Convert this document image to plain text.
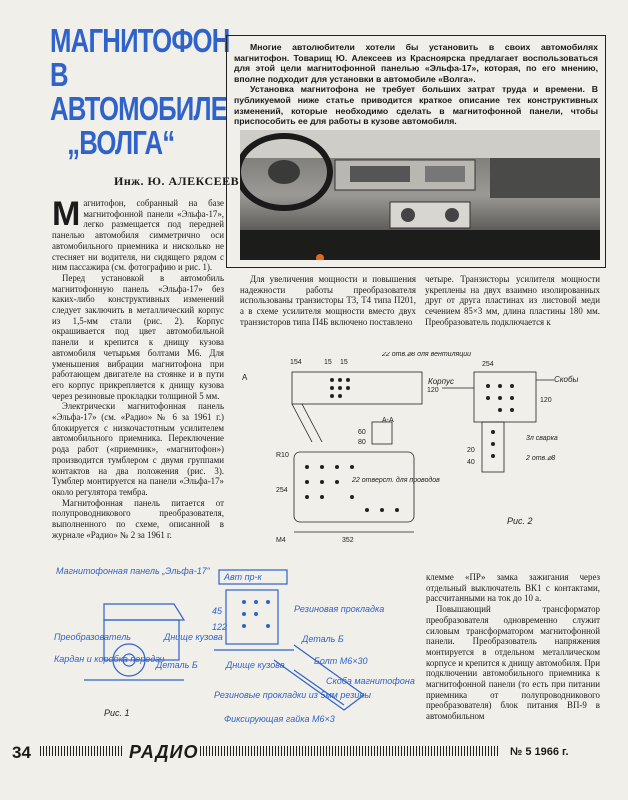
МАГНИТОФОН
В АВТОМОБИЛЕ
„ВОЛГА“
Инж. Ю. АЛЕКСЕЕВ
Многие автолюбители хотели бы установить в своих автомобилях магнитофон. Товарищ Ю. Алексеев из Красноярска предлагает воспользоваться для этой цели магнитофонной панелью «Эльфа-17», которая, по его мнению, вполне подходит для установки в автомобиле «Волга».
Установка магнитофона не требует больших затрат труда и времени. В публикуемой ниже статье приводится краткое описание тех конструктивных изменений, которые необходимо сделать в магнитофонной панели, чтобы приспособить ее для работы в кузове автомобиля.

Магнитофон, собранный на базе магнитофонной панели «Эльфа-17», легко размещается под передней панелью автомобиля симметрично оси автомобильного приемника и нисколько не стесняет ни водителя, ни сидящего рядом с ним пассажира (см. фотографию и рис. 1).

Перед установкой в автомобиль магнитофонную панель «Эльфа-17» без каких-либо конструктивных изменений следует заключить в металлический корпус из 1,5-мм стали (рис. 2). Корпус окрашивается под цвет автомобильной панели и крепится к днищу кузова автомобиля четырьмя болтами М6. Для уменьшения вибрации магнитофона при работающем двигателе на стоянке и в пути его корпус прикрепляется к днищу кузова через резиновые прокладки толщиной 5 мм.

Электрически магнитофонная панель «Эльфа-17» (см. «Радио» № 6 за 1961 г.) блокируется с низкочастотным усилителем автомобильного приемника. Переключение рода работ («приемник», «магнитофон») производится тумблером с двумя группами контактов на два положения (рис. 3). Тумблер монтируется на панели «Эльфа-17» около регулятора тембра.

Магнитофонная панель питается от полупроводникового преобразователя, выполненного по схеме, описанной в журнале «Радио» № 2 за 1961 г.

Для увеличения мощности и повышения надежности работы преобразователя использованы транзисторы Т3, Т4 типа П201, а в схеме усилителя мощности вместо двух транзисторов типа П4Б включено поставлено

четыре. Транзисторы усилителя мощности укреплены на двух взаимно изолированных друг от друга пластинах из листовой меди сечением 85×3 мм, длина пластины 180 мм. Преобразователь подключается к

154	15 15
120
А
22 отв.⌀8 для вентиляции
А-А
352
254
R10
М4
22 отверст. для проводов
60
80
254
120
20
40
Корпус	Скобы
3л сварка
2 отв.⌀8
Рис. 2
Магнитофонная панель „Эльфа-17“
Преобразователь	Днище кузова
Кардан и коробка передач
Деталь Б
Авт пр-к
Резиновая прокладка
Деталь Б
Болт М6×30
Скоба магнитофона
Днище кузова
Резиновые прокладки из 5мм резины
Фиксирующая гайка М6×3
45
122
Рис. 1

клемме «ПР» замка зажигания через отдельный выключатель ВК1 с контактами, рассчитанными на ток до 10 а.

Повышающий трансформатор преобразователя одновременно служит силовым трансформатором магнитофонной панели. Преобразователь напряжения монтируется в отдельном металлическом корпусе и крепится к днищу автомобиля. При подключении автомобильного приемника к магнитофонной панели (то есть при питании приемника от полупроводникового преобразователя) блок питания ВП-9 в автомобильном

34	РАДИО	№ 5 1966 г.
